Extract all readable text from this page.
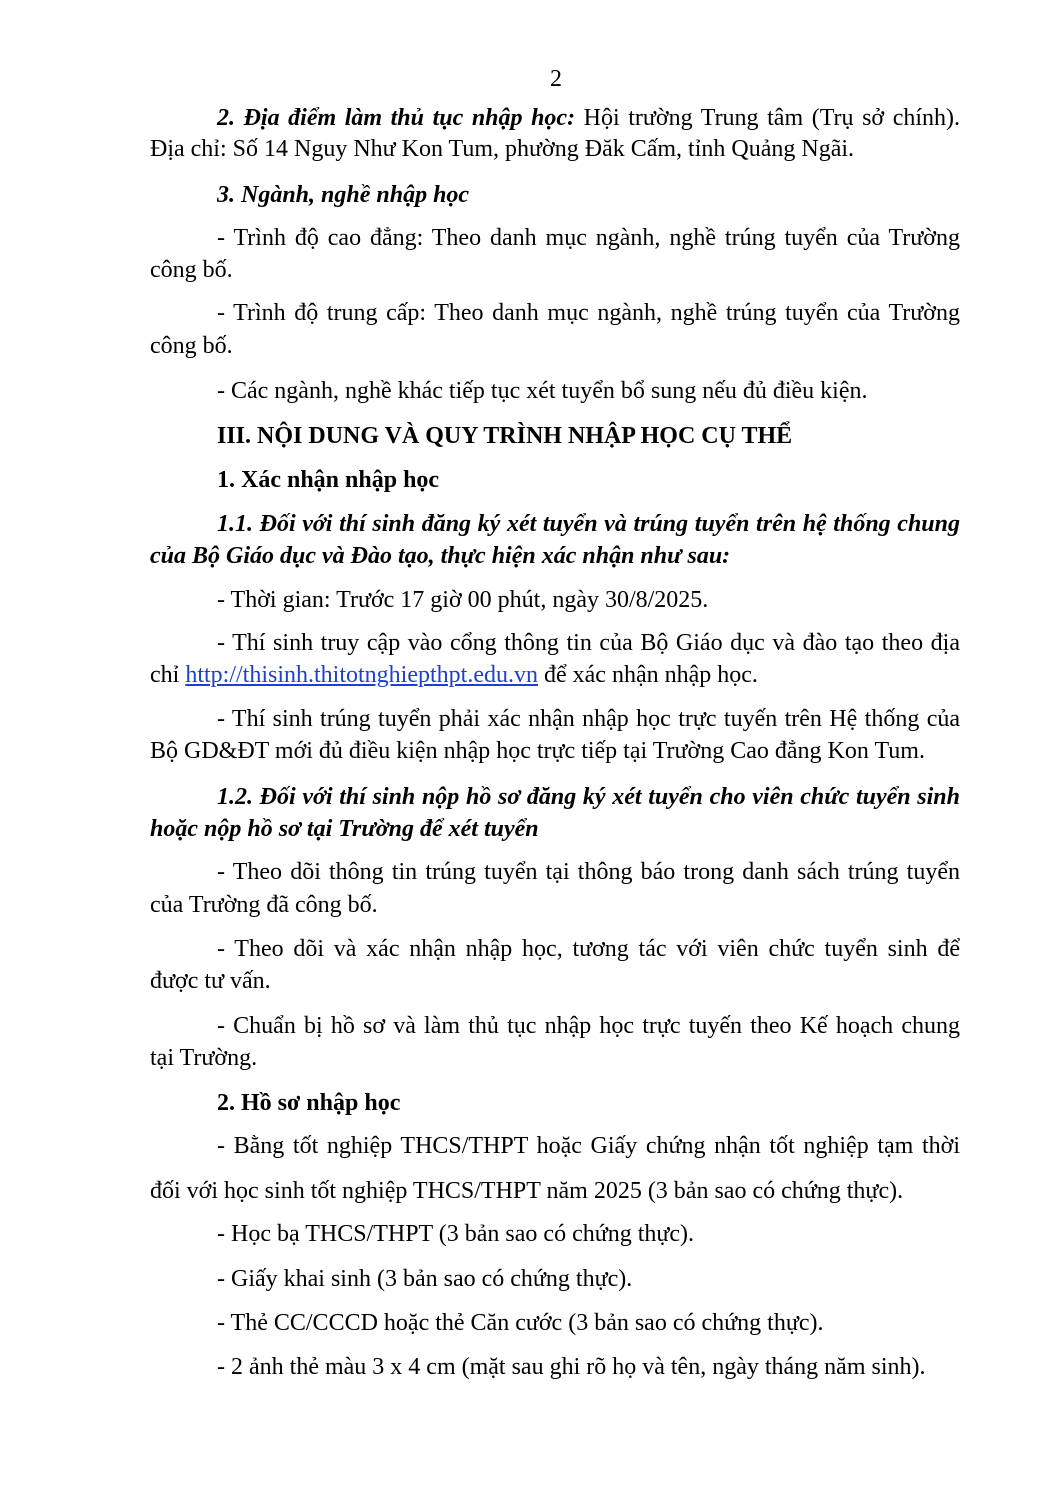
2
2. Địa điểm làm thủ tục nhập học: Hội trường Trung tâm (Trụ sở chính).
Địa chỉ: Số 14 Nguy Như Kon Tum, phường Đăk Cấm, tỉnh Quảng Ngãi.
3. Ngành, nghề nhập học
- Trình độ cao đẳng: Theo danh mục ngành, nghề trúng tuyển của Trường
công bố.
- Trình độ trung cấp: Theo danh mục ngành, nghề trúng tuyển của Trường
công bố.
- Các ngành, nghề khác tiếp tục xét tuyển bổ sung nếu đủ điều kiện.
III. NỘI DUNG VÀ QUY TRÌNH NHẬP HỌC CỤ THỂ
1. Xác nhận nhập học
1.1. Đối với thí sinh đăng ký xét tuyển và trúng tuyển trên hệ thống chung
của Bộ Giáo dục và Đào tạo, thực hiện xác nhận như sau:
- Thời gian: Trước 17 giờ 00 phút, ngày 30/8/2025.
- Thí sinh truy cập vào cổng thông tin của Bộ Giáo dục và đào tạo theo địa
chỉ http://thisinh.thitotnghiepthpt.edu.vn để xác nhận nhập học.
- Thí sinh trúng tuyển phải xác nhận nhập học trực tuyến trên Hệ thống của
Bộ GD&ĐT mới đủ điều kiện nhập học trực tiếp tại Trường Cao đẳng Kon Tum.
1.2. Đối với thí sinh nộp hồ sơ đăng ký xét tuyển cho viên chức tuyển sinh
hoặc nộp hồ sơ tại Trường để xét tuyển
- Theo dõi thông tin trúng tuyển tại thông báo trong danh sách trúng tuyển
của Trường đã công bố.
- Theo dõi và xác nhận nhập học, tương tác với viên chức tuyển sinh để
được tư vấn.
- Chuẩn bị hồ sơ và làm thủ tục nhập học trực tuyến theo Kế hoạch chung
tại Trường.
2. Hồ sơ nhập học
- Bằng tốt nghiệp THCS/THPT hoặc Giấy chứng nhận tốt nghiệp tạm thời
đối với học sinh tốt nghiệp THCS/THPT năm 2025 (3 bản sao có chứng thực).
- Học bạ THCS/THPT (3 bản sao có chứng thực).
- Giấy khai sinh (3 bản sao có chứng thực).
- Thẻ CC/CCCD hoặc thẻ Căn cước (3 bản sao có chứng thực).
- 2 ảnh thẻ màu 3 x 4 cm (mặt sau ghi rõ họ và tên, ngày tháng năm sinh).
